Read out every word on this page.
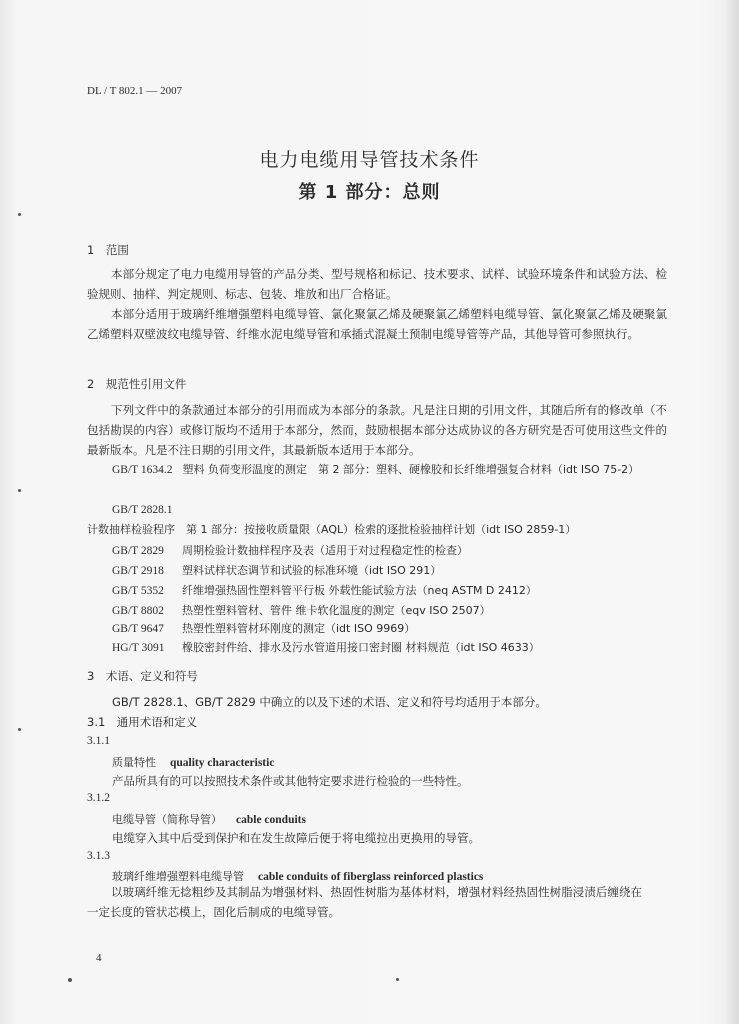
DL / T 802.1 — 2007
电力电缆用导管技术条件
第 1 部分：总则
1　范围
本部分规定了电力电缆用导管的产品分类、型号规格和标记、技术要求、试样、试验环境条件和试验方法、检验规则、抽样、判定规则、标志、包装、堆放和出厂合格证。
本部分适用于玻璃纤维增强塑料电缆导管、氯化聚氯乙烯及硬聚氯乙烯塑料电缆导管、氯化聚氯乙烯及硬聚氯乙烯塑料双壁波纹电缆导管、纤维水泥电缆导管和承插式混凝土预制电缆导管等产品，其他导管可参照执行。
2　规范性引用文件
下列文件中的条款通过本部分的引用而成为本部分的条款。凡是注日期的引用文件，其随后所有的修改单（不包括勘误的内容）或修订版均不适用于本部分，然而，鼓励根据本部分达成协议的各方研究是否可使用这些文件的最新版本。凡是不注日期的引用文件，其最新版本适用于本部分。
GB/T 1634.2 塑料 负荷变形温度的测定　第 2 部分：塑料、硬橡胶和长纤维增强复合材料（idt ISO 75-2）
GB/T 2828.1计数抽样检验程序　第 1 部分：按接收质量限（AQL）检索的逐批检验抽样计划（idt ISO 2859-1）
GB/T 2829 周期检验计数抽样程序及表（适用于对过程稳定性的检查）
GB/T 2918 塑料试样状态调节和试验的标准环境（idt ISO 291）
GB/T 5352 纤维增强热固性塑料管平行板 外载性能试验方法（neq ASTM D 2412）
GB/T 8802 热塑性塑料管材、管件 维卡软化温度的测定（eqv ISO 2507）
GB/T 9647 热塑性塑料管材环刚度的测定（idt ISO 9969）
HG/T 3091 橡胶密封件给、排水及污水管道用接口密封圈 材料规范（idt ISO 4633）
3　术语、定义和符号
GB/T 2828.1、GB/T 2829 中确立的以及下述的术语、定义和符号均适用于本部分。
3.1　通用术语和定义
3.1.1
质量特性 quality characteristic
产品所具有的可以按照技术条件或其他特定要求进行检验的一些特性。
3.1.2
电缆导管（简称导管） cable conduits
电缆穿入其中后受到保护和在发生故障后便于将电缆拉出更换用的导管。
3.1.3
玻璃纤维增强塑料电缆导管 cable conduits of fiberglass reinforced plastics
以玻璃纤维无捻粗纱及其制品为增强材料、热固性树脂为基体材料，增强材料经热固性树脂浸渍后缠绕在一定长度的管状芯模上，固化后制成的电缆导管。
4
